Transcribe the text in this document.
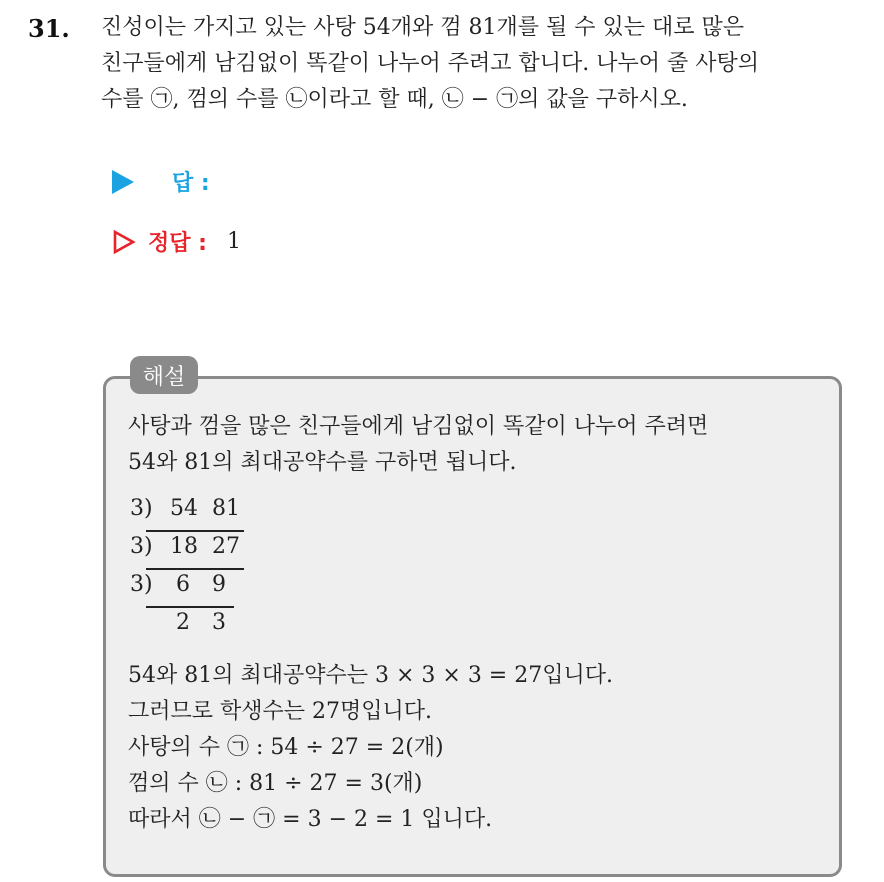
31. 진성이는 가지고 있는 사탕 54개와 껌 81개를 될 수 있는 대로 많은
친구들에게 남김없이 똑같이 나누어 주려고 합니다. 나누어 줄 사탕의
수를 ㉠, 껌의 수를 ㉡이라고 할 때, ㉡ − ㉠의 값을 구하시오.
답 :
정답 : 1
해설
사탕과 껌을 많은 친구들에게 남김없이 똑같이 나누어 주려면
54와 81의 최대공약수를 구하면 됩니다.
3 ) 54 81
3 ) 18 27
3 ) 6 9
2 3
54와 81의 최대공약수는 3 × 3 × 3 = 27입니다.
그러므로 학생수는 27명입니다.
사탕의 수 ㉠ : 54 ÷ 27 = 2(개)
껌의 수 ㉡ : 81 ÷ 27 = 3(개)
따라서 ㉡ − ㉠ = 3 − 2 = 1 입니다.
